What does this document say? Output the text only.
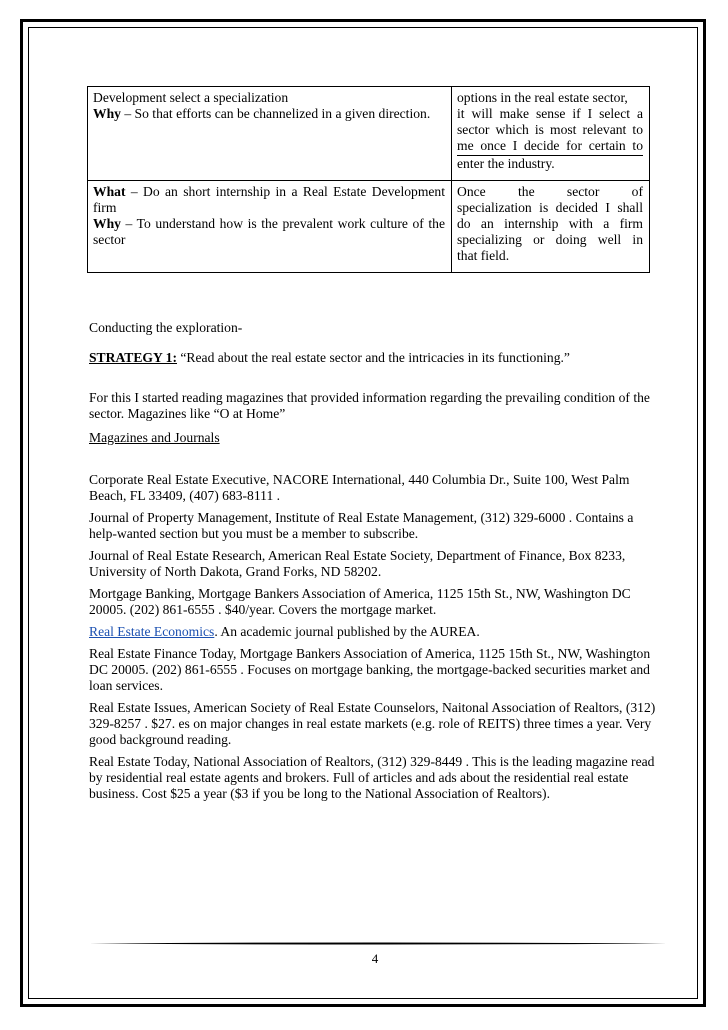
Development select a specialization
Why – So that efforts can be channelized in a given direction.	options in the real estate sector,
it will make sense if I select a
sector which is most relevant to
me once I decide for certain to
enter the industry.

What – Do an short internship in a Real Estate Development firm
Why – To understand how is the prevalent work culture of the sector	Once the sector of
specialization is decided I shall
do an internship with a firm
specializing or doing well in
that field.

Conducting the exploration-

STRATEGY 1: “Read about the real estate sector and the intricacies in its functioning.”

For this I started reading magazines that provided information regarding the prevailing condition of the sector. Magazines like “O at Home”

Magazines and Journals

Corporate Real Estate Executive, NACORE International, 440 Columbia Dr., Suite 100, West Palm Beach, FL 33409, (407) 683-8111 .

Journal of Property Management, Institute of Real Estate Management, (312) 329-6000 . Contains a help-wanted section but you must be a member to subscribe.

Journal of Real Estate Research, American Real Estate Society, Department of Finance, Box 8233, University of North Dakota, Grand Forks, ND 58202.

Mortgage Banking, Mortgage Bankers Association of America, 1125 15th St., NW, Washington DC 20005. (202) 861-6555 . $40/year. Covers the mortgage market.

Real Estate Economics. An academic journal published by the AUREA.

Real Estate Finance Today, Mortgage Bankers Association of America, 1125 15th St., NW, Washington DC 20005. (202) 861-6555 . Focuses on mortgage banking, the mortgage-backed securities market and loan services.

Real Estate Issues, American Society of Real Estate Counselors, Naitonal Association of Realtors, (312) 329-8257 . $27. es on major changes in real estate markets (e.g. role of REITS) three times a year. Very good background reading.

Real Estate Today, National Association of Realtors, (312) 329-8449 . This is the leading magazine read by residential real estate agents and brokers. Full of articles and ads about the residential real estate business. Cost $25 a year ($3 if you be long to the National Association of Realtors).

4
